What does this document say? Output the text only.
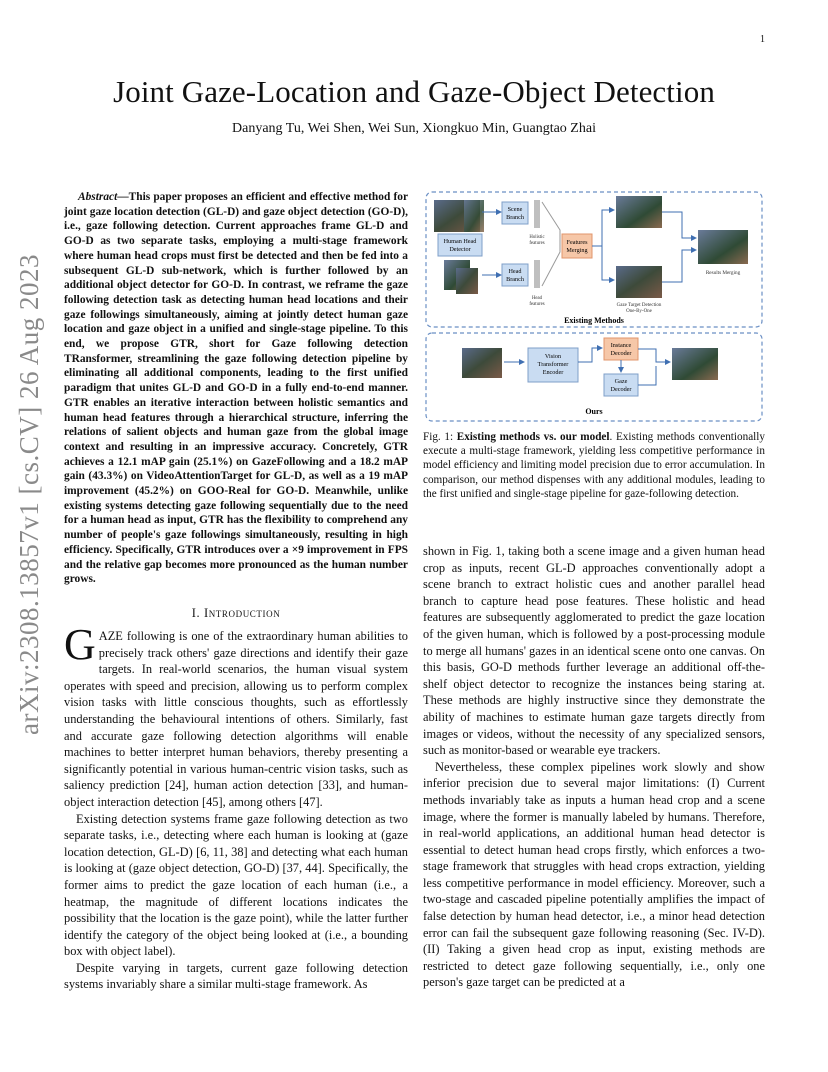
1
Joint Gaze-Location and Gaze-Object Detection
Danyang Tu, Wei Shen, Wei Sun, Xiongkuo Min, Guangtao Zhai
arXiv:2308.13857v1 [cs.CV] 26 Aug 2023
Abstract—This paper proposes an efficient and effective method for joint gaze location detection (GL-D) and gaze object detection (GO-D), i.e., gaze following detection. Current approaches frame GL-D and GO-D as two separate tasks, employing a multi-stage framework where human head crops must first be detected and then be fed into a subsequent GL-D sub-network, which is further followed by an additional object detector for GO-D. In contrast, we reframe the gaze following detection task as detecting human head locations and their gaze followings simultaneously, aiming at jointly detect human gaze location and gaze object in a unified and single-stage pipeline. To this end, we propose GTR, short for Gaze following detection TRansformer, streamlining the gaze following detection pipeline by eliminating all additional components, leading to the first unified paradigm that unites GL-D and GO-D in a fully end-to-end manner. GTR enables an iterative interaction between holistic semantics and human head features through a hierarchical structure, inferring the relations of salient objects and human gaze from the global image context and resulting in an impressive accuracy. Concretely, GTR achieves a 12.1 mAP gain (25.1%) on GazeFollowing and a 18.2 mAP gain (43.3%) on VideoAttentionTarget for GL-D, as well as a 19 mAP improvement (45.2%) on GOO-Real for GO-D. Meanwhile, unlike existing systems detecting gaze following sequentially due to the need for a human head as input, GTR has the flexibility to comprehend any number of people's gaze followings simultaneously, resulting in high efficiency. Specifically, GTR introduces over a ×9 improvement in FPS and the relative gap becomes more pronounced as the human number grows.
I. Introduction

GAZE following is one of the extraordinary human abilities to precisely track others' gaze directions and identify their gaze targets. In real-world scenarios, the human visual system operates with speed and precision, allowing us to perform complex vision tasks with little conscious thoughts, such as effortlessly understanding the behavioural intentions of others. Similarly, fast and accurate gaze following detection algorithms will enable machines to better interpret human behaviors, thereby presenting a significantly potential in various human-centric vision tasks, such as saliency prediction [24], human action detection [33], and human-object interaction detection [45], among others [47].

Existing detection systems frame gaze following detection as two separate tasks, i.e., detecting where each human is looking at (gaze location detection, GL-D) [6, 11, 38] and detecting what each human is looking at (gaze object detection, GO-D) [37, 44]. Specifically, the former aims to predict the gaze location of each human (i.e., a heatmap, the magnitude of different locations indicates the possibility that the location is the gaze point), while the latter further identify the category of the object being looked at (i.e., a bounding box with object label).

Despite varying in targets, current gaze following detection systems invariably share a similar multi-stage framework. As

Human Head
Detector
Scene
Branch
Head
Branch
Holistic
features
Head
features
Features
Merging
Gaze Target Detection
One-By-One
Results Merging
Existing Methods
Vision
Transformer
Encoder
Instance
Decoder
Gaze
Decoder
Ours
Fig. 1: Existing methods vs. our model. Existing methods conventionally execute a multi-stage framework, yielding less competitive performance in model efficiency and limiting model precision due to error accumulation. In comparison, our method dispenses with any additional modules, leading to the first unified and single-stage pipeline for gaze-following detection.

shown in Fig. 1, taking both a scene image and a given human head crop as inputs, recent GL-D approaches conventionally adopt a scene branch to extract holistic cues and another parallel head branch to capture head pose features. These holistic and head features are subsequently agglomerated to predict the gaze location of the given human, which is followed by a post-processing module to merge all humans' gazes in an identical scene onto one canvas. On this basis, GO-D methods further leverage an additional off-the-shelf object detector to recognize the instances being staring at. These methods are highly instructive since they demonstrate the ability of machines to estimate human gaze targets directly from images or videos, without the necessity of any specialized sensors, such as monitor-based or wearable eye trackers.

Nevertheless, these complex pipelines work slowly and show inferior precision due to several major limitations: (I) Current methods invariably take as inputs a human head crop and a scene image, where the former is manually labeled by humans. Therefore, in real-world applications, an additional human head detector is essential to detect human head crops firstly, which enforces a two-stage framework that struggles with head crops extraction, yielding less competitive performance in model efficiency. Moreover, such a two-stage and cascaded pipeline potentially amplifies the impact of false detection by human head detector, i.e., a minor head detection error can fail the subsequent gaze following reasoning (Sec. IV-D). (II) Taking a given head crop as input, existing methods are restricted to detect gaze following sequentially, i.e., only one person's gaze target can be predicted at a
